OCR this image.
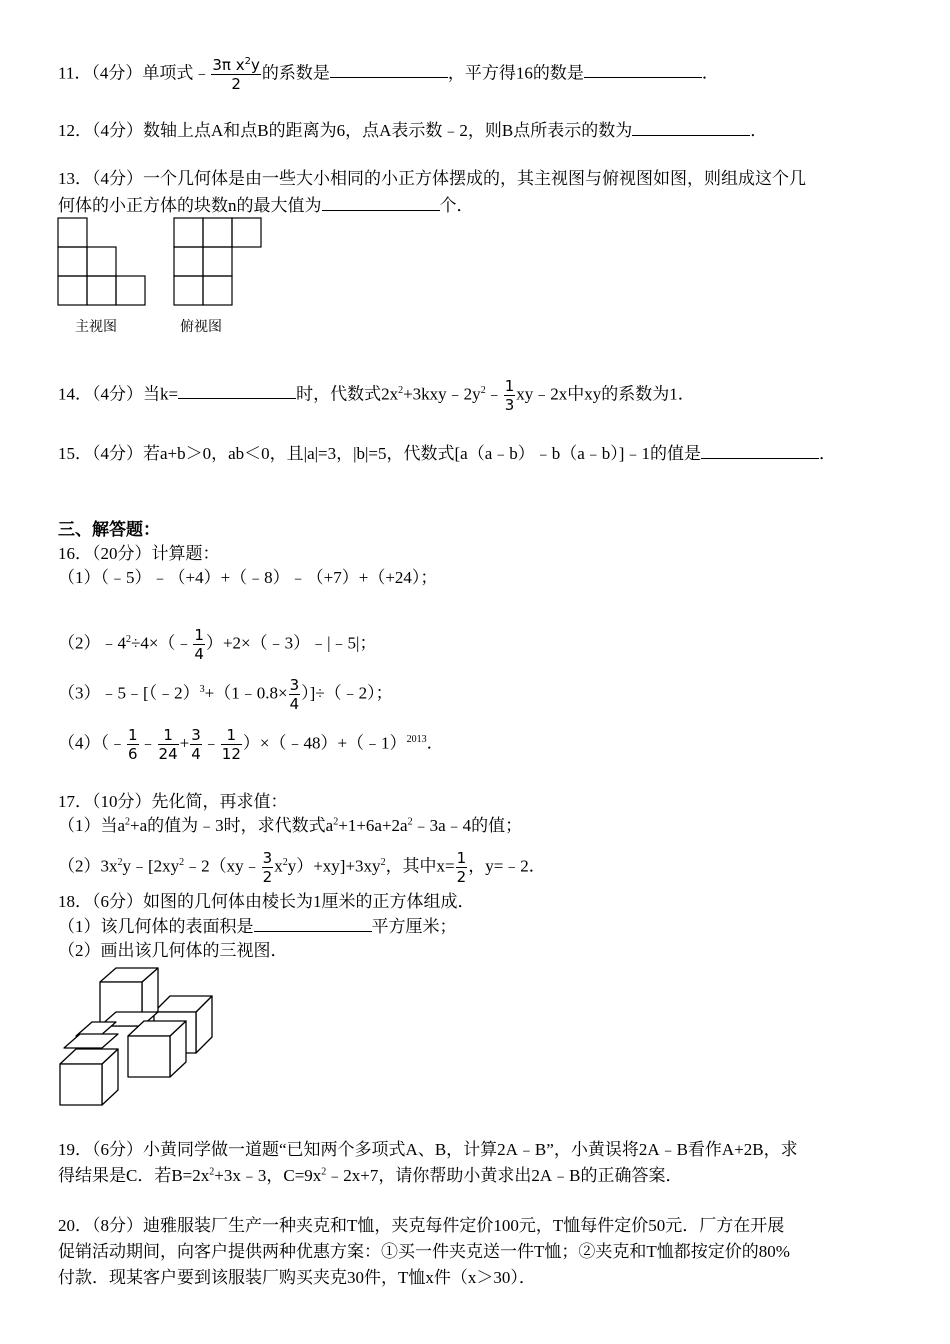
11．（4分）单项式﹣ $\frac{3\pi x^2y}{2}$ 的系数是	，平方得16的数是	．
12．（4分）数轴上点A和点B的距离为6，点A表示数﹣2，则B点所表示的数为	．
13．（4分）一个几何体是由一些大小相同的小正方体摆成的，其主视图与俯视图如图，则组成这个几
何体的小正方体的块数n的最大值为	个．
主视图	俯视图
14．（4分）当k=	时，代数式$2x^2+3kxy﹣2y^2﹣ \frac{1}{3}$ xy﹣2x中xy的系数为1．
15．（4分）若a+b＞0，ab＜0，且|a|=3，|b|=5，代数式[a（a﹣b）﹣b（a﹣b）]﹣1的值是	．
三、解答题：
16．（20分）计算题：
（1）（﹣5）﹣（+4）+（﹣8）﹣（+7）+（+24）；
$(2)﹣4^2\div 4\times(﹣ \frac{1}{4}$ ）+2×（﹣3）﹣|﹣5|；
（3）﹣5﹣[（﹣2）$^3$+（1﹣0.8× $\frac{3}{4}$ ）]÷（﹣2）；
（4）（﹣ $\frac{1}{6}$ ﹣ $\frac{1}{24} + \frac{3}{4}$ ﹣ $\frac{1}{12}$ ）×（﹣48）+（﹣1）$^{2013}$．
17．（10分）先化简，再求值：
（1）当$a^2+a$的值为﹣3时，求代数式$a^2+1+6a+2a^2﹣3a﹣4$的值；
$(2)3x^2y﹣[2xy^2﹣2(xy﹣ \frac{3}{2} x^2y)+xy]+3xy^2$，其中$x= \frac{1}{2}$ ，y=﹣2．
18．（6分）如图的几何体由棱长为1厘米的正方体组成．
（1）该几何体的表面积是	平方厘米；
（2）画出该几何体的三视图．
19．（6分）小黄同学做一道题“已知两个多项式A、B，计算2A﹣B”，小黄误将2A﹣B看作A+2B，求
得结果是C．若$B=2x^2+3x﹣3$，$C=9x^2﹣2x+7$，请你帮助小黄求出2A﹣B的正确答案．
20．（8分）迪雅服装厂生产一种夹克和T恤，夹克每件定价100元，T恤每件定价50元．厂方在开展
促销活动期间，向客户提供两种优惠方案：①买一件夹克送一件T恤；②夹克和T恤都按定价的80%
付款．现某客户要到该服装厂购买夹克30件，T恤x件（x＞30）．
